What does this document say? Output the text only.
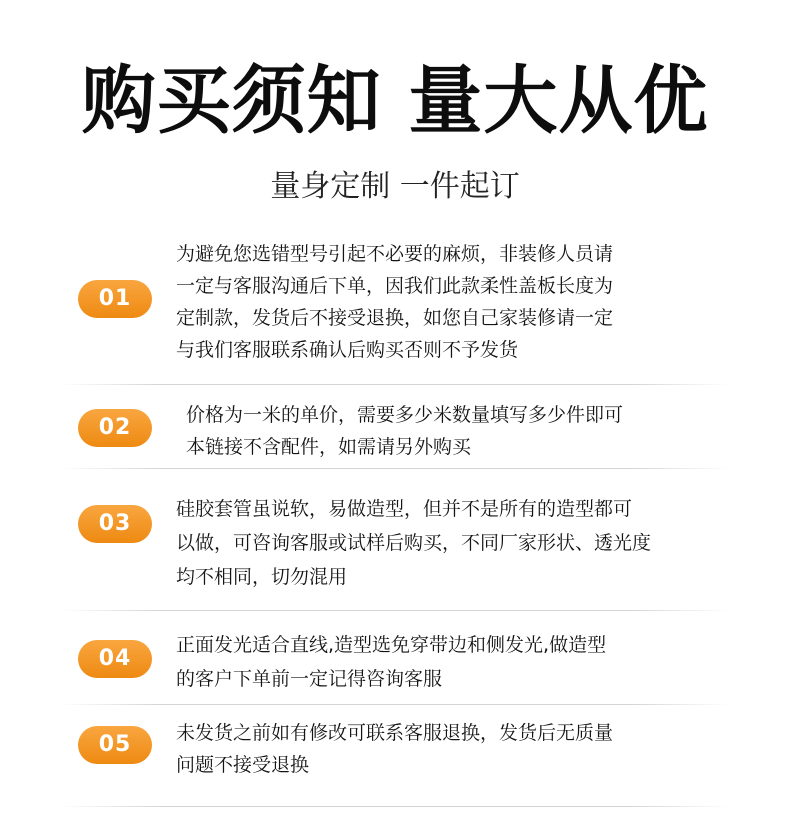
购买须知 量大从优
量身定制 一件起订
01
为避免您选错型号引起不必要的麻烦，非装修人员请
一定与客服沟通后下单，因我们此款柔性盖板长度为
定制款，发货后不接受退换，如您自己家装修请一定
与我们客服联系确认后购买否则不予发货
02	价格为一米的单价，需要多少米数量填写多少件即可
本链接不含配件，如需请另外购买
03
硅胶套管虽说软，易做造型，但并不是所有的造型都可
以做，可咨询客服或试样后购买，不同厂家形状、透光度
均不相同，切勿混用
04
正面发光适合直线,造型选免穿带边和侧发光,做造型
的客户下单前一定记得咨询客服
05	未发货之前如有修改可联系客服退换，发货后无质量
问题不接受退换
